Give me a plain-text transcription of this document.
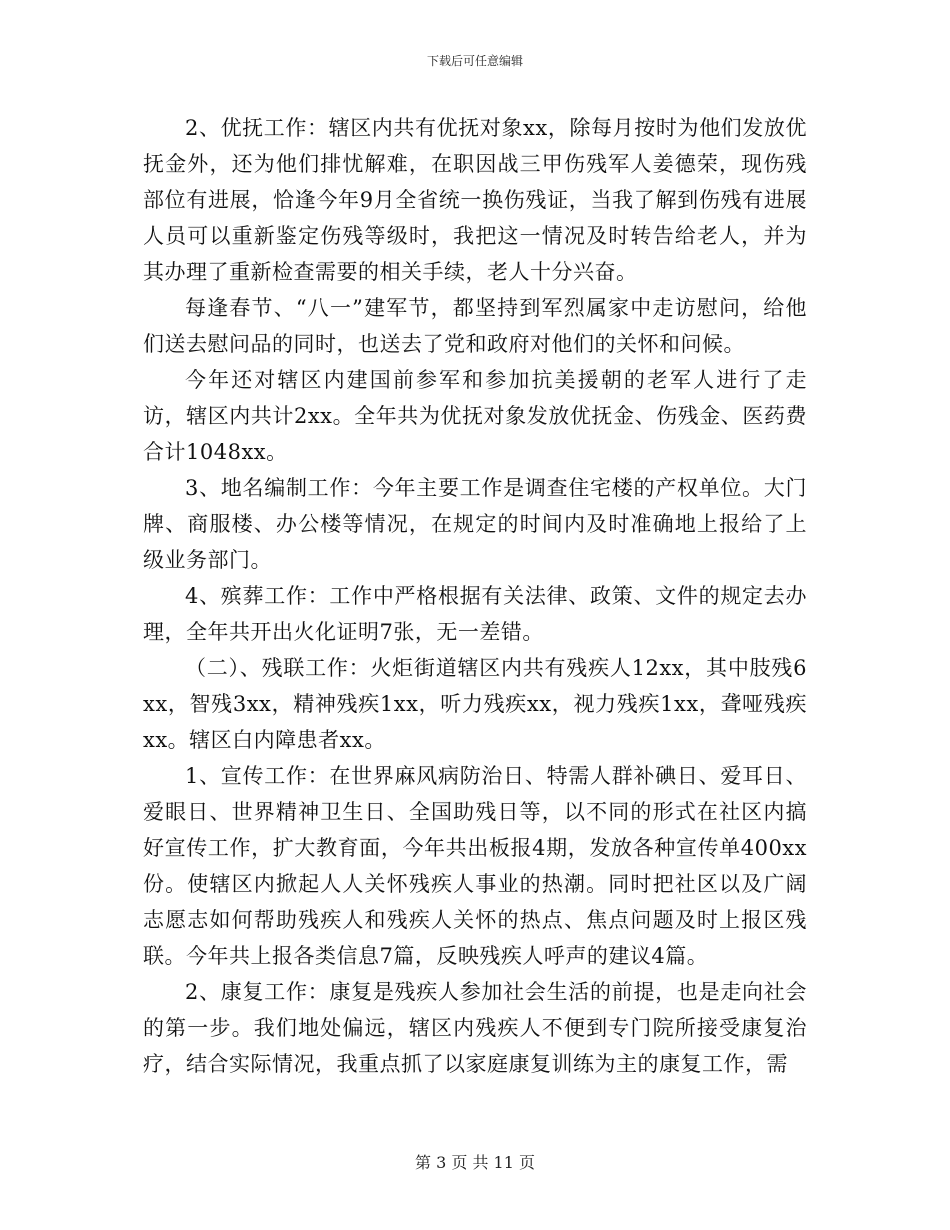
下载后可任意编辑

2、优抚工作：辖区内共有优抚对象xx，除每月按时为他们发放优抚金外，还为他们排忧解难，在职因战三甲伤残军人姜德荣，现伤残部位有进展，恰逢今年9月全省统一换伤残证，当我了解到伤残有进展人员可以重新鉴定伤残等级时，我把这一情况及时转告给老人，并为其办理了重新检查需要的相关手续，老人十分兴奋。

每逢春节、“八一”建军节，都坚持到军烈属家中走访慰问，给他们送去慰问品的同时，也送去了党和政府对他们的关怀和问候。

今年还对辖区内建国前参军和参加抗美援朝的老军人进行了走访，辖区内共计2xx。全年共为优抚对象发放优抚金、伤残金、医药费合计1048xx。

3、地名编制工作：今年主要工作是调查住宅楼的产权单位。大门牌、商服楼、办公楼等情况，在规定的时间内及时准确地上报给了上级业务部门。

4、殡葬工作：工作中严格根据有关法律、政策、文件的规定去办理，全年共开出火化证明7张，无一差错。

（二）、残联工作：火炬街道辖区内共有残疾人12xx，其中肢残6xx，智残3xx，精神残疾1xx，听力残疾xx，视力残疾1xx，聋哑残疾xx。辖区白内障患者xx。

1、宣传工作：在世界麻风病防治日、特需人群补碘日、爱耳日、爱眼日、世界精神卫生日、全国助残日等，以不同的形式在社区内搞好宣传工作，扩大教育面，今年共出板报4期，发放各种宣传单400xx份。使辖区内掀起人人关怀残疾人事业的热潮。同时把社区以及广阔志愿志如何帮助残疾人和残疾人关怀的热点、焦点问题及时上报区残联。今年共上报各类信息7篇，反映残疾人呼声的建议4篇。

2、康复工作：康复是残疾人参加社会生活的前提，也是走向社会的第一步。我们地处偏远，辖区内残疾人不便到专门院所接受康复治疗，结合实际情况，我重点抓了以家庭康复训练为主的康复工作，需

第 3 页 共 11 页
